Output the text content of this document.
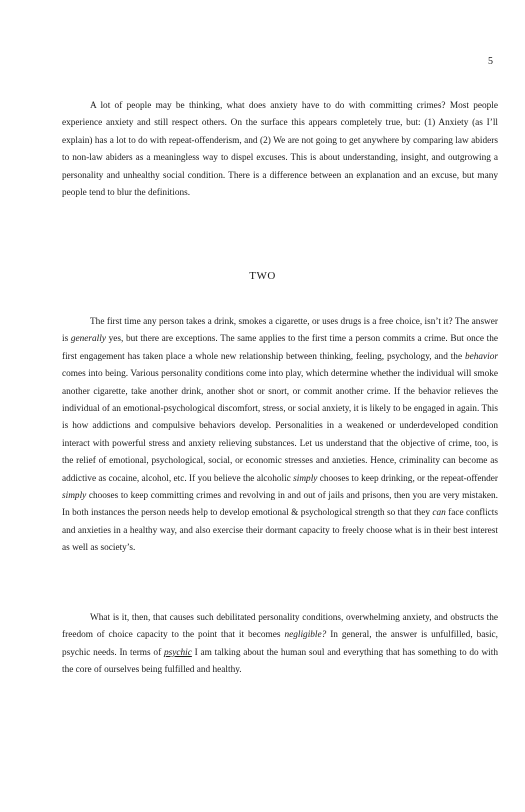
5

A lot of people may be thinking, what does anxiety have to do with committing crimes? Most people experience anxiety and still respect others. On the surface this appears completely true, but: (1) Anxiety (as I’ll explain) has a lot to do with repeat-offenderism, and (2) We are not going to get anywhere by comparing law abiders to non-law abiders as a meaningless way to dispel excuses. This is about understanding, insight, and outgrowing a personality and unhealthy social condition. There is a difference between an explanation and an excuse, but many people tend to blur the definitions.

TWO

The first time any person takes a drink, smokes a cigarette, or uses drugs is a free choice, isn’t it? The answer is generally yes, but there are exceptions. The same applies to the first time a person commits a crime. But once the first engagement has taken place a whole new relationship between thinking, feeling, psychology, and the behavior comes into being. Various personality conditions come into play, which determine whether the individual will smoke another cigarette, take another drink, another shot or snort, or commit another crime. If the behavior relieves the individual of an emotional-psychological discomfort, stress, or social anxiety, it is likely to be engaged in again. This is how addictions and compulsive behaviors develop. Personalities in a weakened or underdeveloped condition interact with powerful stress and anxiety relieving substances. Let us understand that the objective of crime, too, is the relief of emotional, psychological, social, or economic stresses and anxieties. Hence, criminality can become as addictive as cocaine, alcohol, etc. If you believe the alcoholic simply chooses to keep drinking, or the repeat-offender simply chooses to keep committing crimes and revolving in and out of jails and prisons, then you are very mistaken. In both instances the person needs help to develop emotional & psychological strength so that they can face conflicts and anxieties in a healthy way, and also exercise their dormant capacity to freely choose what is in their best interest as well as society’s.

What is it, then, that causes such debilitated personality conditions, overwhelming anxiety, and obstructs the freedom of choice capacity to the point that it becomes negligible? In general, the answer is unfulfilled, basic, psychic needs. In terms of psychic I am talking about the human soul and everything that has something to do with the core of ourselves being fulfilled and healthy.
